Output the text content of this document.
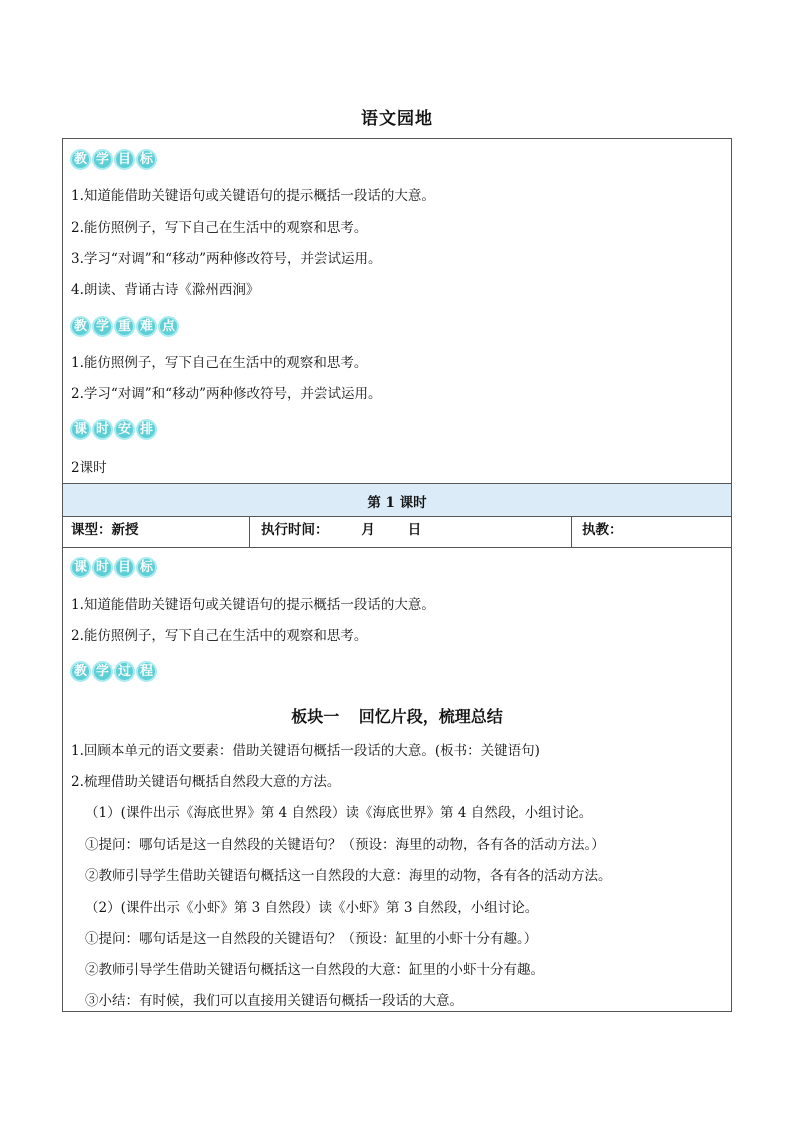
语文园地
教 学 目 标
1.知道能借助关键语句或关键语句的提示概括一段话的大意。
2.能仿照例子，写下自己在生活中的观察和思考。
3.学习“对调”和“移动”两种修改符号，并尝试运用。
4.朗读、背诵古诗《滁州西涧》
教 学 重 难 点
1.能仿照例子，写下自己在生活中的观察和思考。
2.学习“对调”和“移动”两种修改符号，并尝试运用。
课 时 安 排
2课时
第 1 课时
课型：新授	执行时间：       月       日	执教：
课 时 目 标
1.知道能借助关键语句或关键语句的提示概括一段话的大意。
2.能仿照例子，写下自己在生活中的观察和思考。
教 学 过 程
板块一 回忆片段，梳理总结
1.回顾本单元的语文要素：借助关键语句概括一段话的大意。(板书：关键语句)
2.梳理借助关键语句概括自然段大意的方法。
（1）(课件出示《海底世界》第 4 自然段）读《海底世界》第 4 自然段，小组讨论。
①提问：哪句话是这一自然段的关键语句？（预设：海里的动物，各有各的活动方法。）
②教师引导学生借助关键语句概括这一自然段的大意：海里的动物，各有各的活动方法。
（2）(课件出示《小虾》第 3 自然段）读《小虾》第 3 自然段，小组讨论。
①提问：哪句话是这一自然段的关键语句？（预设：缸里的小虾十分有趣。）
②教师引导学生借助关键语句概括这一自然段的大意：缸里的小虾十分有趣。
③小结：有时候，我们可以直接用关键语句概括一段话的大意。
